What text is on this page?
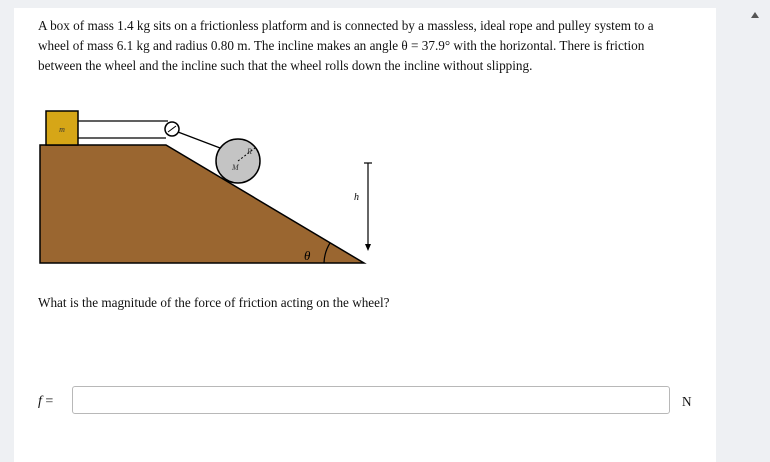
A box of mass 1.4 kg sits on a frictionless platform and is connected by a massless, ideal rope and pulley system to a
wheel of mass 6.1 kg and radius 0.80 m. The incline makes an angle θ = 37.9° with the horizontal. There is friction
between the wheel and the incline such that the wheel rolls down the incline without slipping.
m
M
R
h
θ
What is the magnitude of the force of friction acting on the wheel?
f =	N
